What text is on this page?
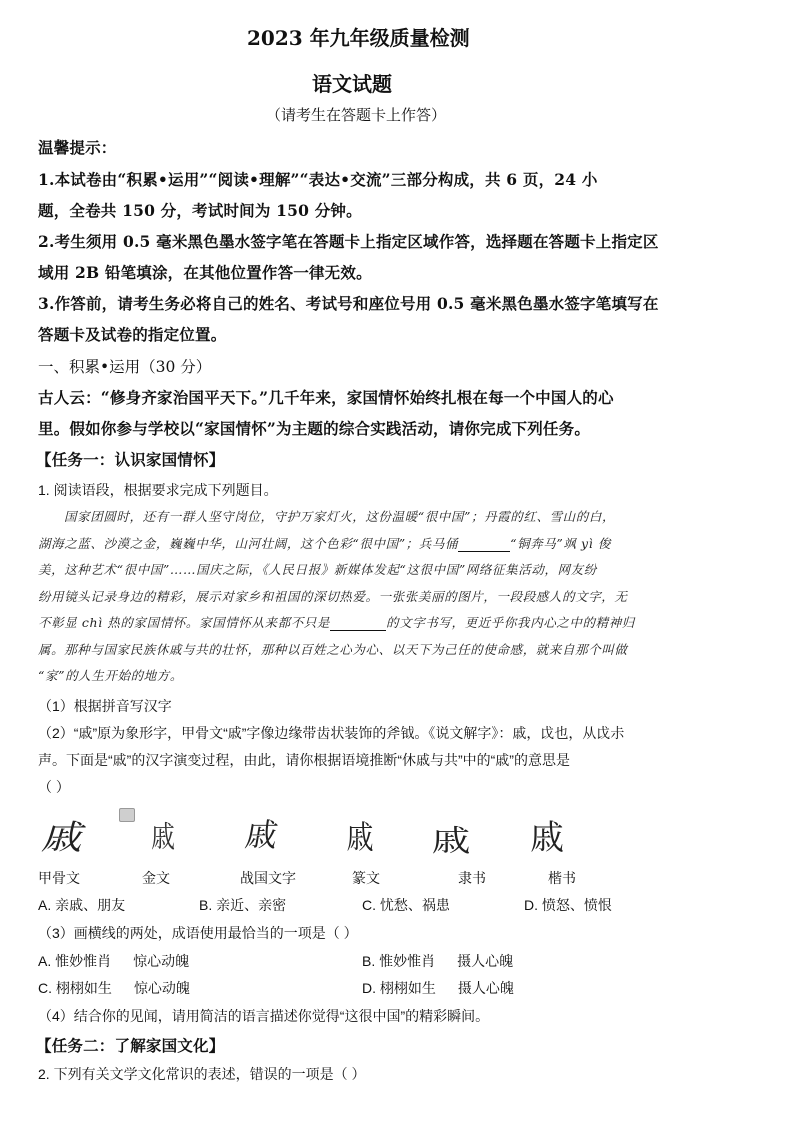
2023 年九年级质量检测
语文试题
（请考生在答题卡上作答）
温馨提示：
1.本试卷由“积累•运用”“阅读•理解”“表达•交流”三部分构成，共 6 页，24 小
题，全卷共 150 分，考试时间为 150 分钟。
2.考生须用 0.5 毫米黑色墨水签字笔在答题卡上指定区域作答，选择题在答题卡上指定区
域用 2B 铅笔填涂，在其他位置作答一律无效。
3.作答前，请考生务必将自己的姓名、考试号和座位号用 0.5 毫米黑色墨水签字笔填写在
答题卡及试卷的指定位置。
一、积累•运用（30 分）
古人云：“修身齐家治国平天下。”几千年来，家国情怀始终扎根在每一个中国人的心
里。假如你参与学校以“家国情怀”为主题的综合实践活动，请你完成下列任务。
【任务一：认识家国情怀】
1. 阅读语段，根据要求完成下列题目。
国家团圆时，还有一群人坚守岗位，守护万家灯火，这份温暖“很中国”；丹霞的红、雪山的白，
湖海之蓝、沙漠之金，巍巍中华，山河壮阔，这个色彩“很中国”；兵马俑	“铜奔马”飒 yì 俊
美，这种艺术“很中国”……国庆之际，《人民日报》新媒体发起“这很中国”网络征集活动，网友纷
纷用镜头记录身边的精彩，展示对家乡和祖国的深切热爱。一张张美丽的图片，一段段感人的文字，无
不彰显 chì 热的家国情怀。家国情怀从来都不只是	的文字书写，更近乎你我内心之中的精神归
属。那种与国家民族休戚与共的壮怀，那种以百姓之心为心、以天下为己任的使命感，就来自那个叫做
“家”的人生开始的地方。
（1）根据拼音写汉字
（2）“戚”原为象形字，甲骨文“戚”字像边缘带齿状装饰的斧钺。《说文解字》：戚，戉也，从戉尗
声。下面是“戚”的汉字演变过程，由此，请你根据语境推断“休戚与共”中的“戚”的意思是
（ ）
戚 戚 戚 戚 戚 戚
甲骨文	金文	战国文字	篆文	隶书	楷书
A. 亲戚、朋友	B. 亲近、亲密	C. 忧愁、祸患	D. 愤怒、愤恨
（3）画横线的两处，成语使用最恰当的一项是（ ）
A. 惟妙惟肖 惊心动魄	B. 惟妙惟肖 摄人心魄
C. 栩栩如生 惊心动魄	D. 栩栩如生 摄人心魄
（4）结合你的见闻，请用简洁的语言描述你觉得“这很中国”的精彩瞬间。
【任务二：了解家国文化】
2. 下列有关文学文化常识的表述，错误的一项是（ ）
